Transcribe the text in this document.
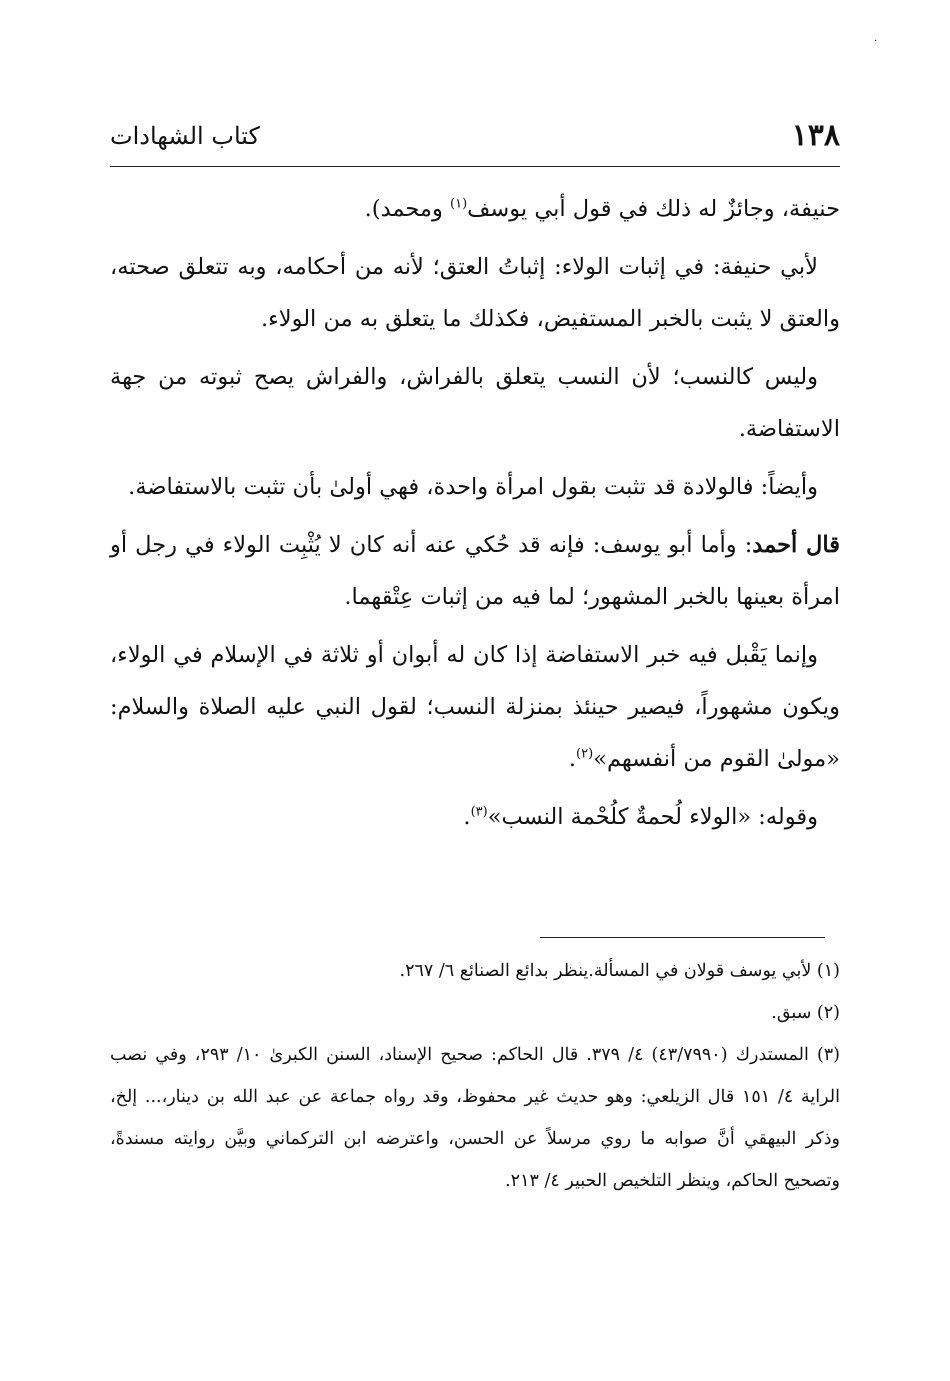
·
١٣٨
كتاب الشهادات

حنيفة، وجائزٌ له ذلك في قول أبي يوسف$^{(١)}$ ومحمد).

لأبي حنيفة: في إثبات الولاء: إثباتُ العتق؛ لأنه من أحكامه، وبه تتعلق صحته، والعتق لا يثبت بالخبر المستفيض، فكذلك ما يتعلق به من الولاء.

وليس كالنسب؛ لأن النسب يتعلق بالفراش، والفراش يصح ثبوته من جهة الاستفاضة.

وأيضاً: فالولادة قد تثبت بقول امرأة واحدة، فهي أولىٰ بأن تثبت بالاستفاضة.

قال أحمد: وأما أبو يوسف: فإنه قد حُكي عنه أنه كان لا يُثْبِت الولاء في رجل أو امرأة بعينها بالخبر المشهور؛ لما فيه من إثبات عِتْقهما.

وإنما يَقْبل فيه خبر الاستفاضة إذا كان له أبوان أو ثلاثة في الإسلام في الولاء، ويكون مشهوراً، فيصير حينئذ بمنزلة النسب؛ لقول النبي عليه الصلاة والسلام: «مولىٰ القوم من أنفسهم»$^{(٢)}$.

وقوله: «الولاء لُحمةٌ كلُحْمة النسب»$^{(٣)}$.

(١) لأبي يوسف قولان في المسألة.ينظر بدائع الصنائع ٦/ ٢٦٧.

(٢) سبق.

(٣) المستدرك (٤٣/٧٩٩٠) ٤/ ٣٧٩. قال الحاكم: صحيح الإسناد، السنن الكبرىٰ ١٠/ ٢٩٣، وفي نصب الراية ٤/ ١٥١ قال الزيلعي: وهو حديث غير محفوظ، وقد رواه جماعة عن عبد الله بن دينار،... إلخ، وذكر البيهقي أنَّ صوابه ما روي مرسلاً عن الحسن، واعترضه ابن التركماني وبيَّن روايته مسندةً، وتصحيح الحاكم، وينظر التلخيص الحبير ٤/ ٢١٣.
